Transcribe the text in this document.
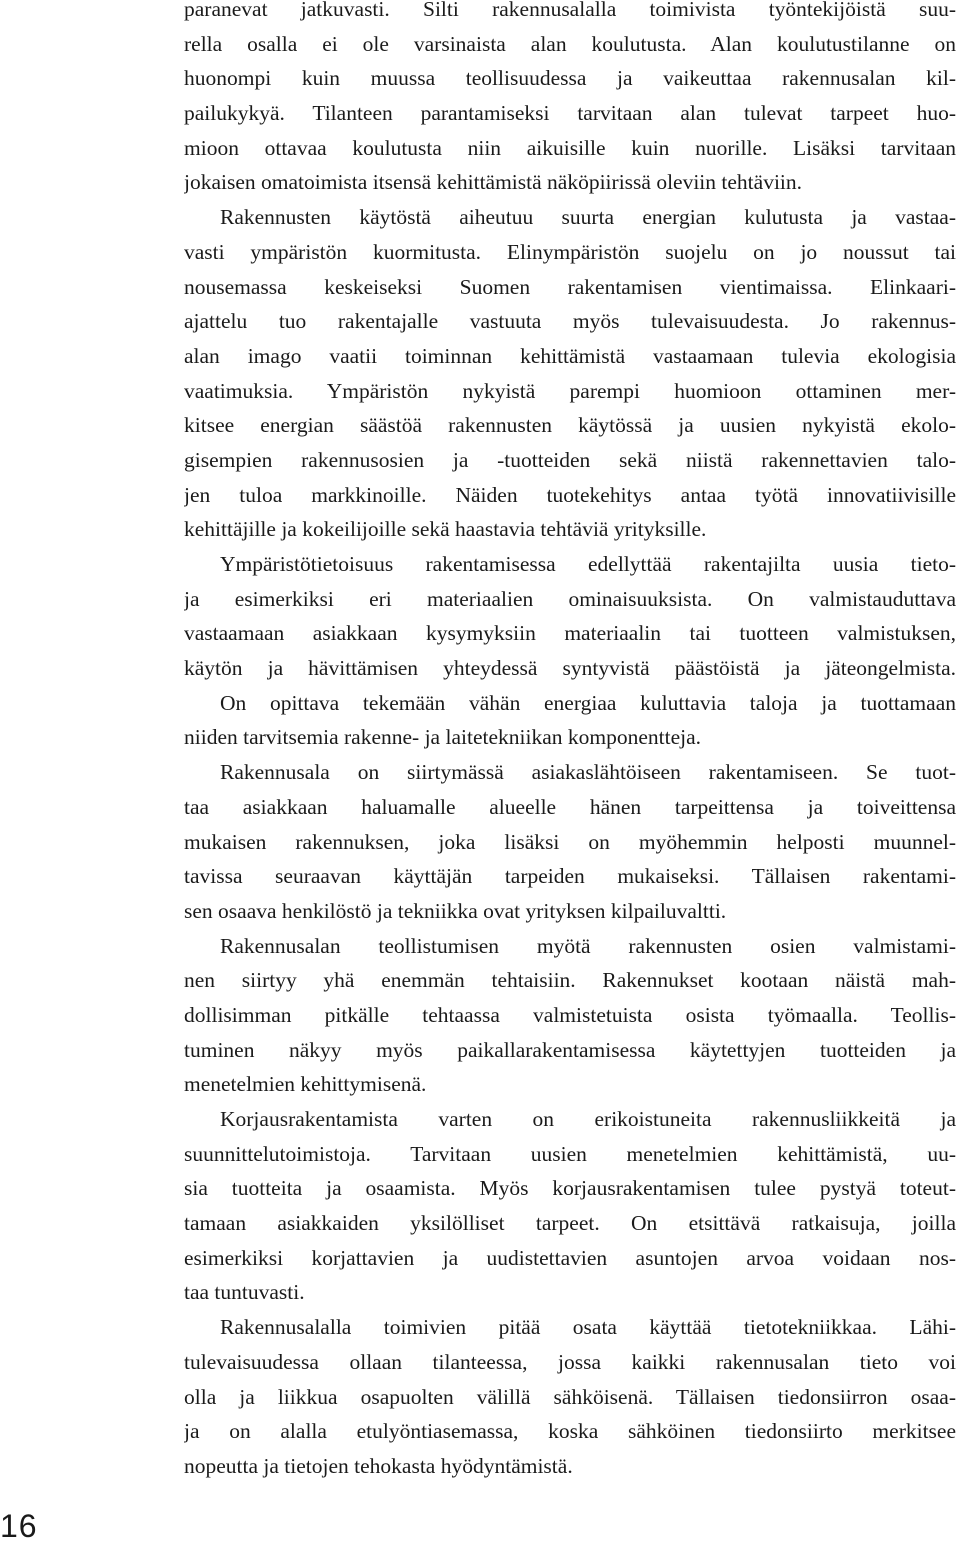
paranevat jatkuvasti. Silti rakennusalalla toimivista työntekijöistä suu-
rella osalla ei ole varsinaista alan koulutusta. Alan koulutustilanne on
huonompi kuin muussa teollisuudessa ja vaikeuttaa rakennusalan kil-
pailukykyä. Tilanteen parantamiseksi tarvitaan alan tulevat tarpeet huo-
mioon ottavaa koulutusta niin aikuisille kuin nuorille. Lisäksi tarvitaan
jokaisen omatoimista itsensä kehittämistä näköpiirissä oleviin tehtäviin.
Rakennusten käytöstä aiheutuu suurta energian kulutusta ja vastaa-
vasti ympäristön kuormitusta. Elinympäristön suojelu on jo noussut tai
nousemassa keskeiseksi Suomen rakentamisen vientimaissa. Elinkaari-
ajattelu tuo rakentajalle vastuuta myös tulevaisuudesta. Jo rakennus-
alan imago vaatii toiminnan kehittämistä vastaamaan tulevia ekologisia
vaatimuksia. Ympäristön nykyistä parempi huomioon ottaminen mer-
kitsee energian säästöä rakennusten käytössä ja uusien nykyistä ekolo-
gisempien rakennusosien ja -tuotteiden sekä niistä rakennettavien talo-
jen tuloa markkinoille. Näiden tuotekehitys antaa työtä innovatiivisille
kehittäjille ja kokeilijoille sekä haastavia tehtäviä yrityksille.
Ympäristötietoisuus rakentamisessa edellyttää rakentajilta uusia tieto-
ja esimerkiksi eri materiaalien ominaisuuksista. On valmistauduttava
vastaamaan asiakkaan kysymyksiin materiaalin tai tuotteen valmistuksen,
käytön ja hävittämisen yhteydessä syntyvistä päästöistä ja jäteongelmista.
On opittava tekemään vähän energiaa kuluttavia taloja ja tuottamaan
niiden tarvitsemia rakenne- ja laitetekniikan komponentteja.
Rakennusala on siirtymässä asiakaslähtöiseen rakentamiseen. Se tuot-
taa asiakkaan haluamalle alueelle hänen tarpeittensa ja toiveittensa
mukaisen rakennuksen, joka lisäksi on myöhemmin helposti muunnel-
tavissa seuraavan käyttäjän tarpeiden mukaiseksi. Tällaisen rakentami-
sen osaava henkilöstö ja tekniikka ovat yrityksen kilpailuvaltti.
Rakennusalan teollistumisen myötä rakennusten osien valmistami-
nen siirtyy yhä enemmän tehtaisiin. Rakennukset kootaan näistä mah-
dollisimman pitkälle tehtaassa valmistetuista osista työmaalla. Teollis-
tuminen näkyy myös paikallarakentamisessa käytettyjen tuotteiden ja
menetelmien kehittymisenä.
Korjausrakentamista varten on erikoistuneita rakennusliikkeitä ja
suunnittelutoimistoja. Tarvitaan uusien menetelmien kehittämistä, uu-
sia tuotteita ja osaamista. Myös korjausrakentamisen tulee pystyä toteut-
tamaan asiakkaiden yksilölliset tarpeet. On etsittävä ratkaisuja, joilla
esimerkiksi korjattavien ja uudistettavien asuntojen arvoa voidaan nos-
taa tuntuvasti.
Rakennusalalla toimivien pitää osata käyttää tietotekniikkaa. Lähi-
tulevaisuudessa ollaan tilanteessa, jossa kaikki rakennusalan tieto voi
olla ja liikkua osapuolten välillä sähköisenä. Tällaisen tiedonsiirron osaa-
ja on alalla etulyöntiasemassa, koska sähköinen tiedonsiirto merkitsee
nopeutta ja tietojen tehokasta hyödyntämistä.
16
